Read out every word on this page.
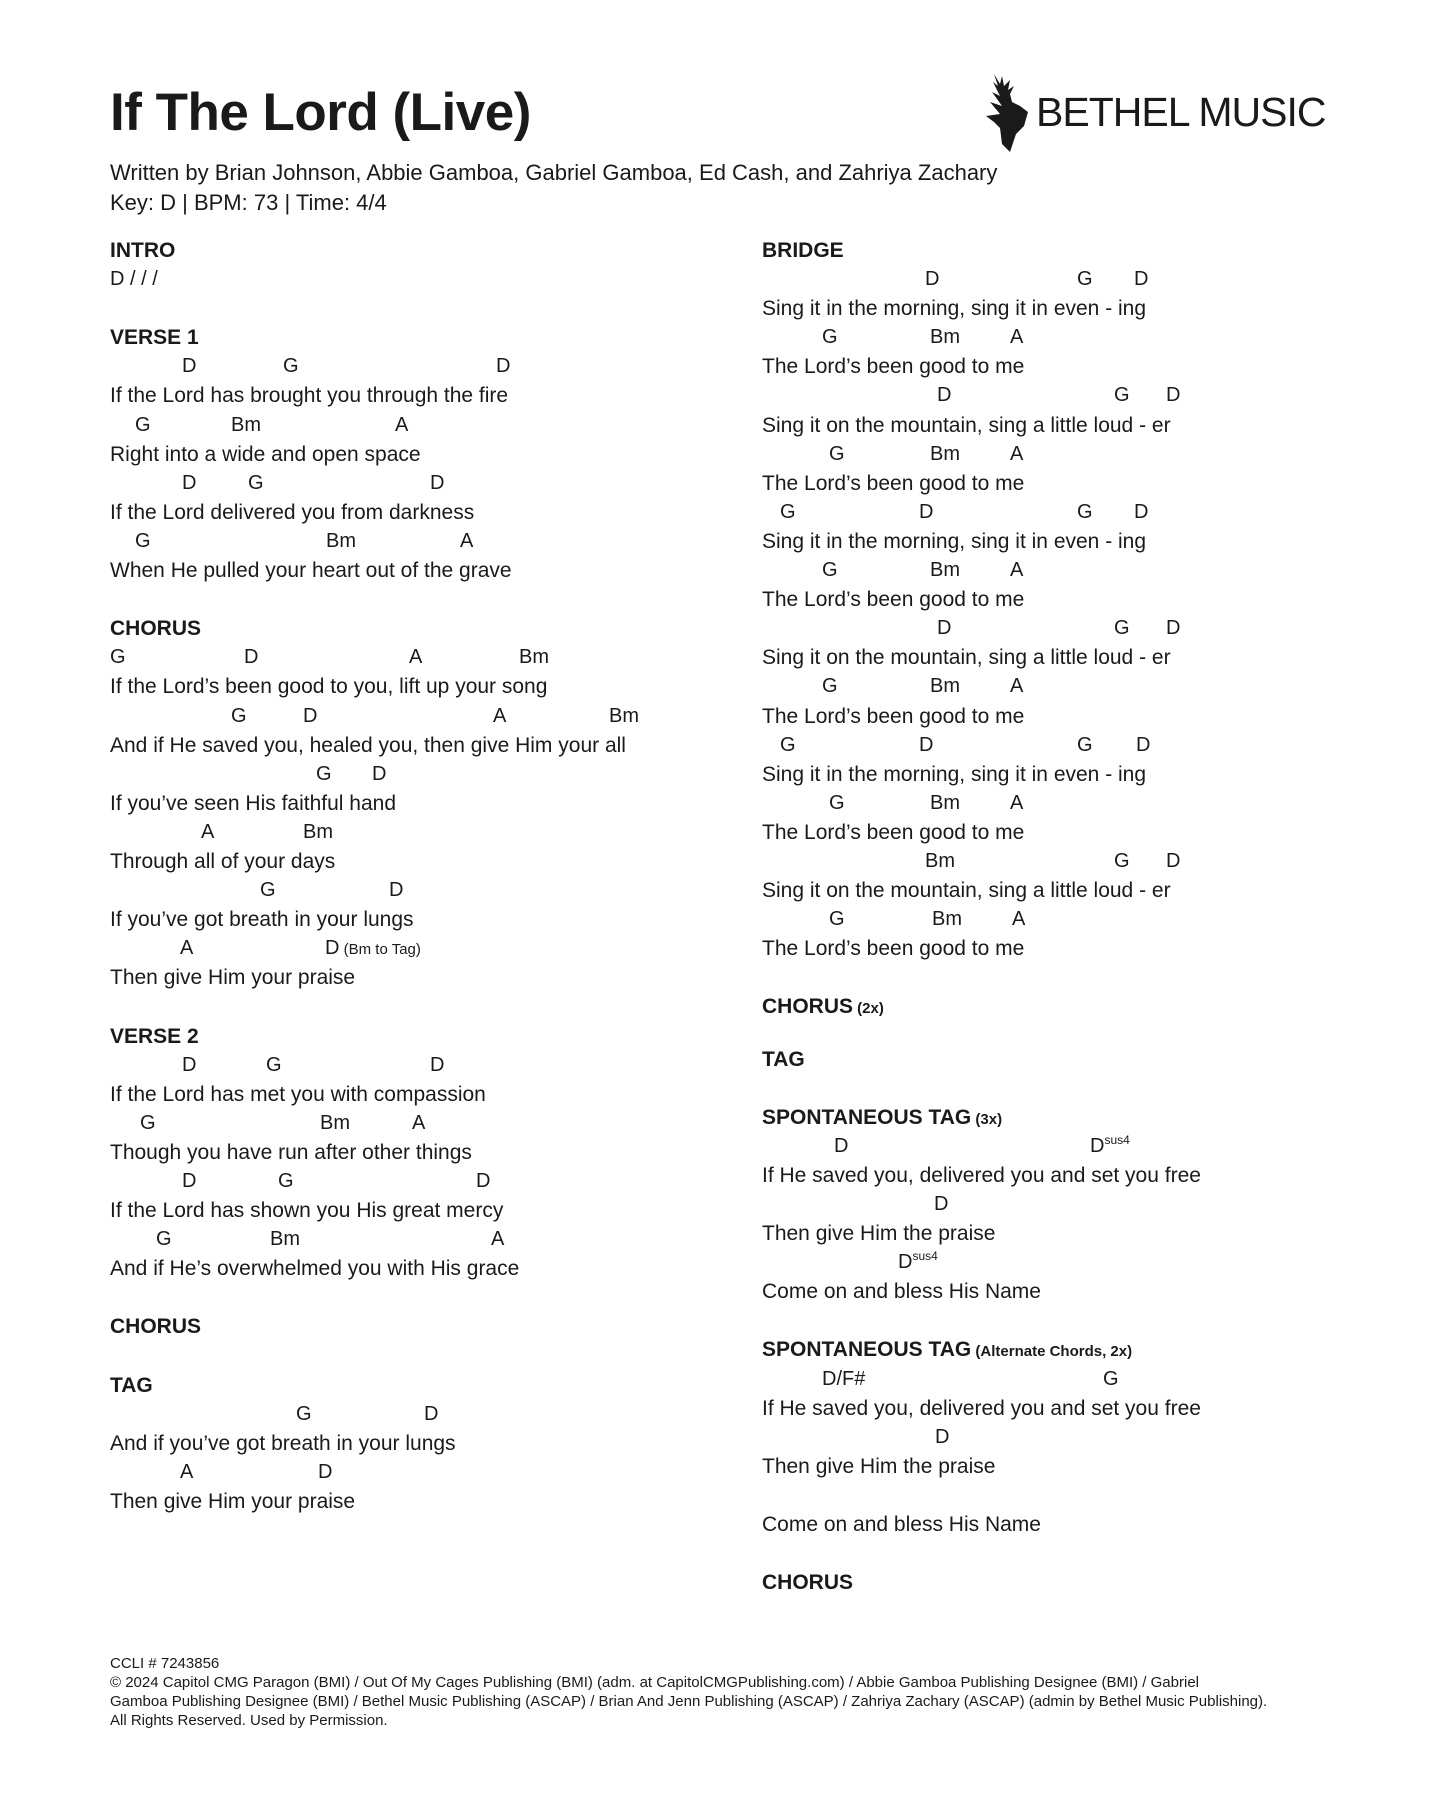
If The Lord (Live)	BETHEL MUSIC
Written by Brian Johnson, Abbie Gamboa, Gabriel Gamboa, Ed Cash, and Zahriya Zachary
Key: D | BPM: 73 | Time: 4/4
INTRO
D / / /
VERSE 1
D	G	D
If the Lord has brought you through the fire
G	Bm	A
Right into a wide and open space
D	G	D
If the Lord delivered you from darkness
G	Bm	A
When He pulled your heart out of the grave
CHORUS
G	D	A	Bm
If the Lord’s been good to you, lift up your song
G	D	A	Bm
And if He saved you, healed you, then give Him your all
G D
If you’ve seen His faithful hand
A	Bm
Through all of your days
G	D
If you’ve got breath in your lungs
A	D (Bm to Tag)
Then give Him your praise
VERSE 2
D	G	D
If the Lord has met you with compassion
G	Bm	A
Though you have run after other things
D	G	D
If the Lord has shown you His great mercy
G	Bm	A
And if He’s overwhelmed you with His grace
CHORUS
TAG
G	D
And if you’ve got breath in your lungs
A	D
Then give Him your praise
BRIDGE
D	G D
Sing it in the morning, sing it in even - ing
G	Bm	A
The Lord’s been good to me
D	G D
Sing it on the mountain, sing a little loud - er
G	Bm	A
The Lord’s been good to me
G	D	G D
Sing it in the morning, sing it in even - ing
G	Bm	A
The Lord’s been good to me
D	G D
Sing it on the mountain, sing a little loud - er
G	Bm	A
The Lord’s been good to me
G	D	G D
Sing it in the morning, sing it in even - ing
G	Bm	A
The Lord’s been good to me
Bm	G D
Sing it on the mountain, sing a little loud - er
G	Bm	A
The Lord’s been good to me
CHORUS (2x)
TAG
SPONTANEOUS TAG (3x)
D	$D^{sus4}$
If He saved you, delivered you and set you free
D
Then give Him the praise
$D^{sus4}$
Come on and bless His Name
SPONTANEOUS TAG (Alternate Chords, 2x)
D/F#	G
If He saved you, delivered you and set you free
D
Then give Him the praise
Come on and bless His Name
CHORUS
CCLI # 7243856
© 2024 Capitol CMG Paragon (BMI) / Out Of My Cages Publishing (BMI) (adm. at CapitolCMGPublishing.com) / Abbie Gamboa Publishing Designee (BMI) / Gabriel
Gamboa Publishing Designee (BMI) / Bethel Music Publishing (ASCAP) / Brian And Jenn Publishing (ASCAP) / Zahriya Zachary (ASCAP) (admin by Bethel Music Publishing).
All Rights Reserved. Used by Permission.
